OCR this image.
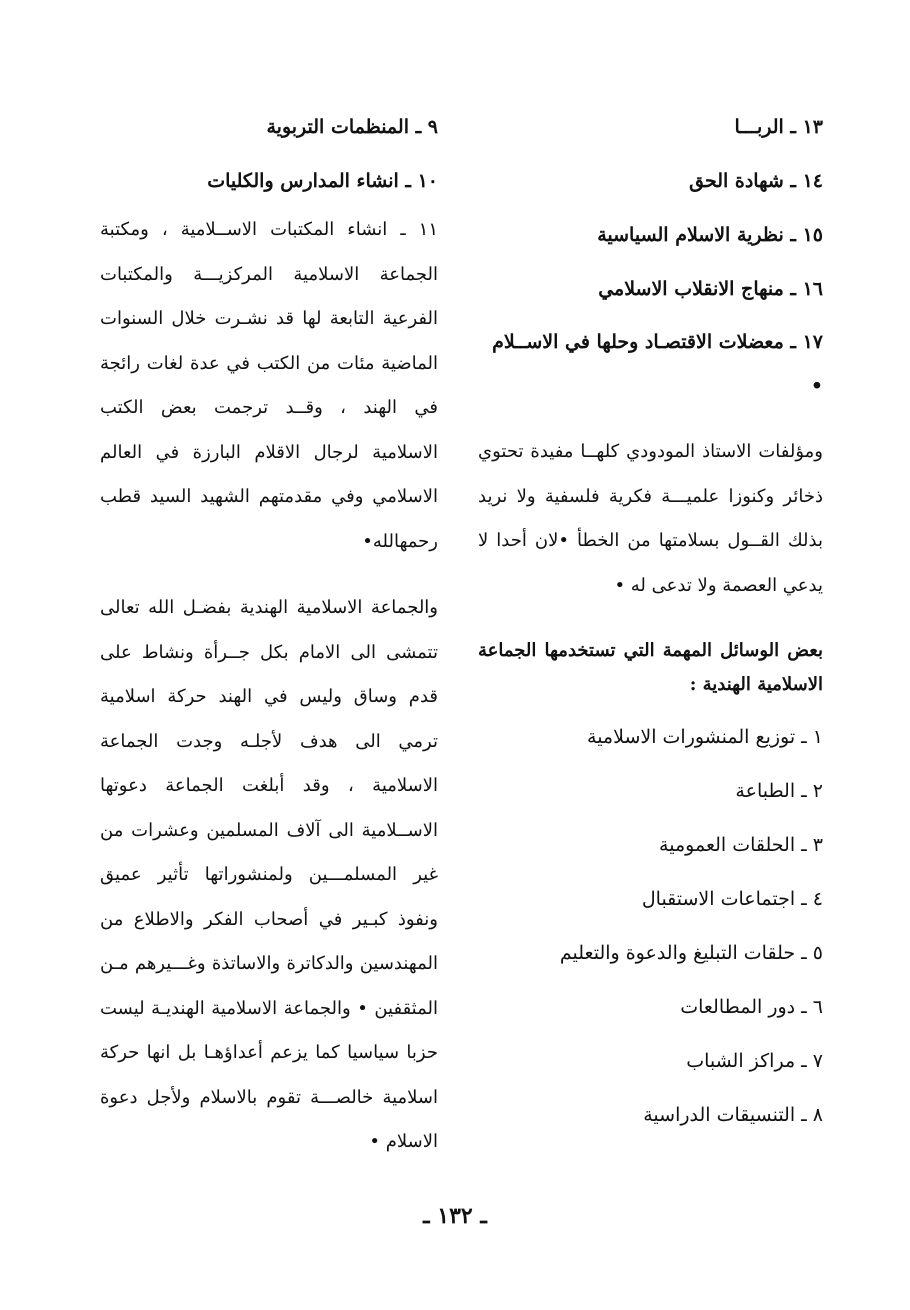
١٣ ـ الربـــا
١٤ ـ شهادة الحق
١٥ ـ نظرية الاسلام السياسية
١٦ ـ منهاج الانقلاب الاسلامي
١٧ ـ معضلات الاقتصـاد وحلها في الاســلام •

ومؤلفات الاستاذ المودودي كلهــا مفيدة تحتوي ذخائر وكنوزا علميـــة فكرية فلسفية ولا نريد بذلك القــول بسلامتها من الخطأ •لان أحدا لا يدعي العصمة ولا تدعى له •

بعض الوسائل المهمة التي تستخدمها الجماعة الاسلامية الهندية :
١ ـ توزيع المنشورات الاسلامية
٢ ـ الطباعة
٣ ـ الحلقات العمومية
٤ ـ اجتماعات الاستقبال
٥ ـ حلقات التبليغ والدعوة والتعليم
٦ ـ دور المطالعات
٧ ـ مراكز الشباب
٨ ـ التنسيقات الدراسية
٩ ـ المنظمات التربوية
١٠ ـ انشاء المدارس والكليات

١١ ـ انشاء المكتبات الاســلامية ، ومكتبة الجماعة الاسلامية المركزيـــة والمكتبات الفرعية التابعة لها قد نشـرت خلال السنوات الماضية مئات من الكتب في عدة لغات رائجة في الهند ، وقــد ترجمت بعض الكتب الاسلامية لرجال الاقلام البارزة في العالم الاسلامي وفي مقدمتهم الشهيد السيد قطب رحمهالله•

والجماعة الاسلامية الهندية بفضـل الله تعالى تتمشى الى الامام بكل جــرأة ونشاط على قدم وساق وليس في الهند حركة اسلامية ترمي الى هدف لأجلـه وجدت الجماعة الاسلامية ، وقد أبلغت الجماعة دعوتها الاســلامية الى آلاف المسلمين وعشرات من غير المسلمـــين ولمنشوراتها تأثير عميق ونفوذ كبـير في أصحاب الفكر والاطلاع من المهندسين والدكاترة والاساتذة وغـــيرهم مـن المثقفين • والجماعة الاسلامية الهنديـة ليست حزبا سياسيا كما يزعم أعداؤهـا بل انها حركة اسلامية خالصـــة تقوم بالاسلام ولأجل دعوة الاسلام •

ـ ١٣٢ ـ
